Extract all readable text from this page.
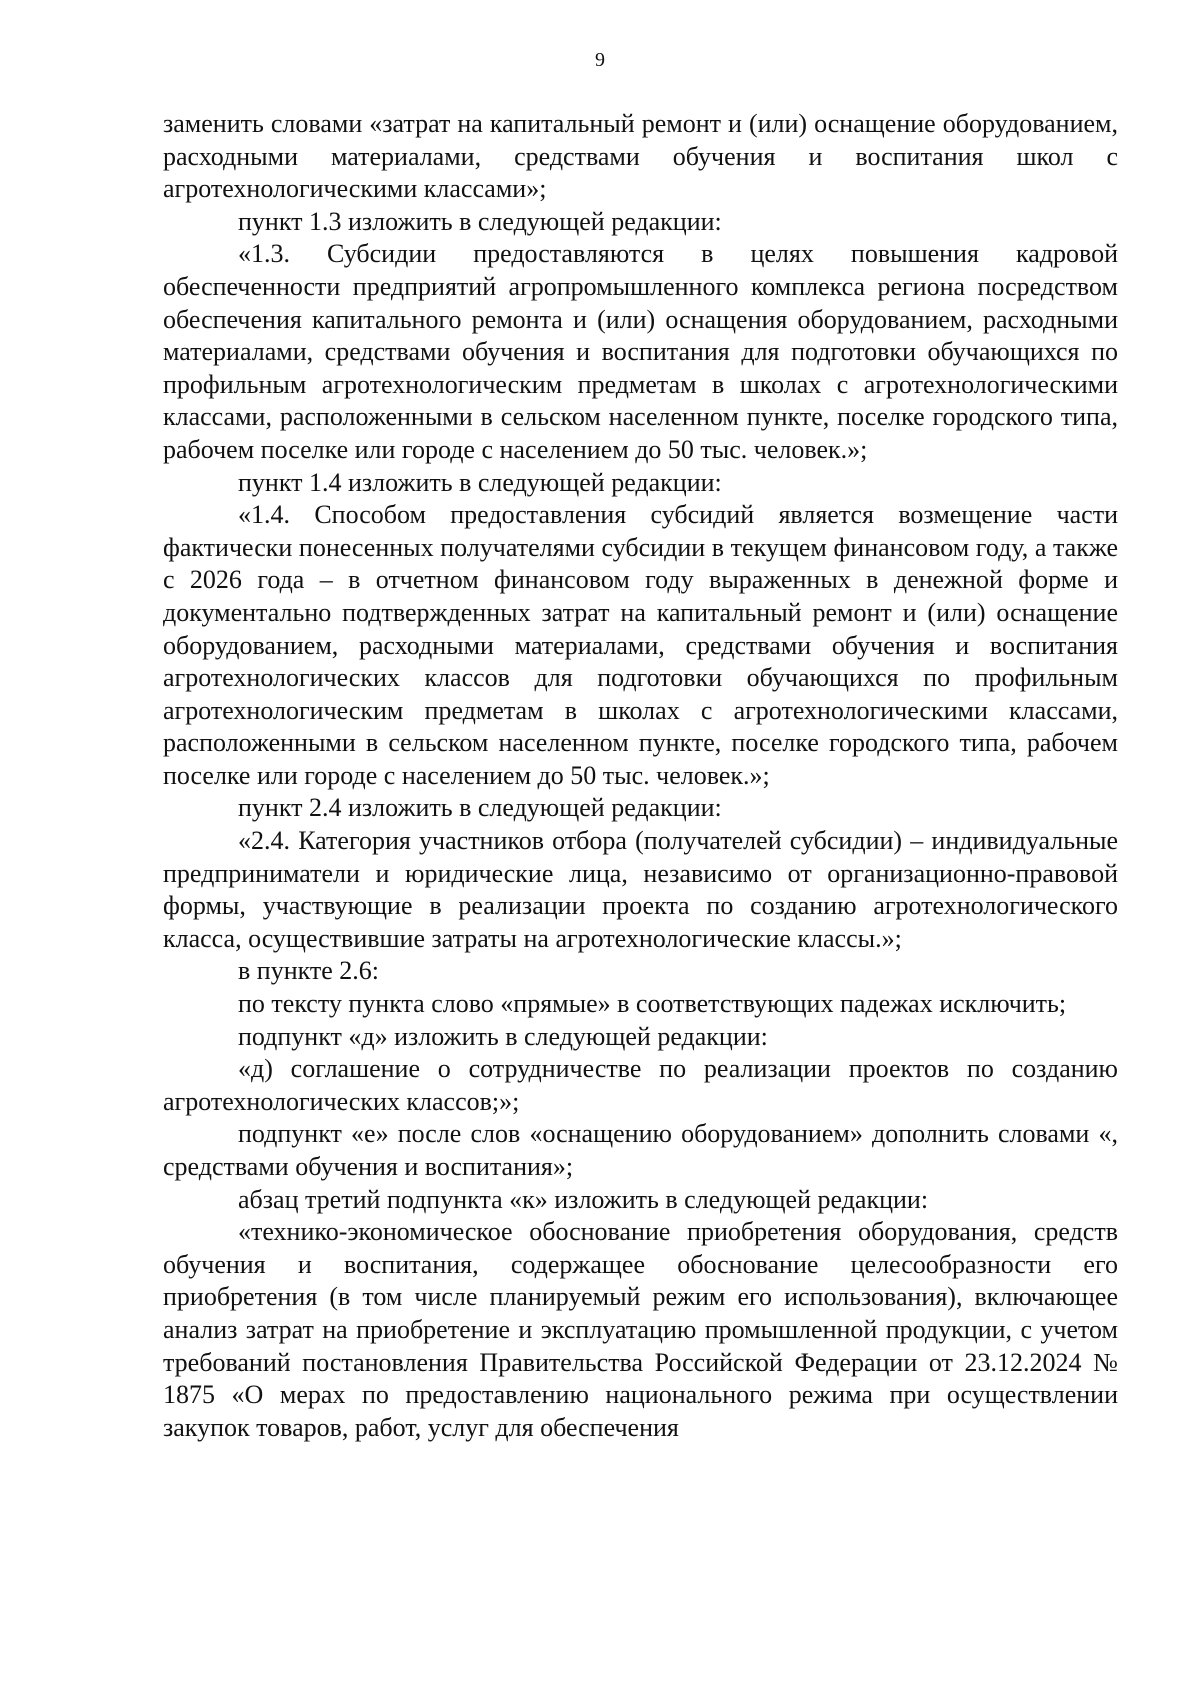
9

заменить словами «затрат на капитальный ремонт и (или) оснащение оборудованием, расходными материалами, средствами обучения и воспитания школ с агротехнологическими классами»;

пункт 1.3 изложить в следующей редакции:

«1.3. Субсидии предоставляются в целях повышения кадровой обеспеченности предприятий агропромышленного комплекса региона посредством обеспечения капитального ремонта и (или) оснащения оборудованием, расходными материалами, средствами обучения и воспитания для подготовки обучающихся по профильным агротехнологическим предметам в школах с агротехнологическими классами, расположенными в сельском населенном пункте, поселке городского типа, рабочем поселке или городе с населением до 50 тыс. человек.»;

пункт 1.4 изложить в следующей редакции:

«1.4. Способом предоставления субсидий является возмещение части фактически понесенных получателями субсидии в текущем финансовом году, а также с 2026 года – в отчетном финансовом году выраженных в денежной форме и документально подтвержденных затрат на капитальный ремонт и (или) оснащение оборудованием, расходными материалами, средствами обучения и воспитания агротехнологических классов для подготовки обучающихся по профильным агротехнологическим предметам в школах с агротехнологическими классами, расположенными в сельском населенном пункте, поселке городского типа, рабочем поселке или городе с населением до 50 тыс. человек.»;

пункт 2.4 изложить в следующей редакции:

«2.4. Категория участников отбора (получателей субсидии) – индивидуальные предприниматели и юридические лица, независимо от организационно-правовой формы, участвующие в реализации проекта по созданию агротехнологического класса, осуществившие затраты на агротехнологические классы.»;

в пункте 2.6:

по тексту пункта слово «прямые» в соответствующих падежах исключить;

подпункт «д» изложить в следующей редакции:

«д) соглашение о сотрудничестве по реализации проектов по созданию агротехнологических классов;»;

подпункт «е» после слов «оснащению оборудованием» дополнить словами «, средствами обучения и воспитания»;

абзац третий подпункта «к» изложить в следующей редакции:

«технико-экономическое обоснование приобретения оборудования, средств обучения и воспитания, содержащее обоснование целесообразности его приобретения (в том числе планируемый режим его использования), включающее анализ затрат на приобретение и эксплуатацию промышленной продукции, с учетом требований постановления Правительства Российской Федерации от 23.12.2024 № 1875 «О мерах по предоставлению национального режима при осуществлении закупок товаров, работ, услуг для обеспечения
